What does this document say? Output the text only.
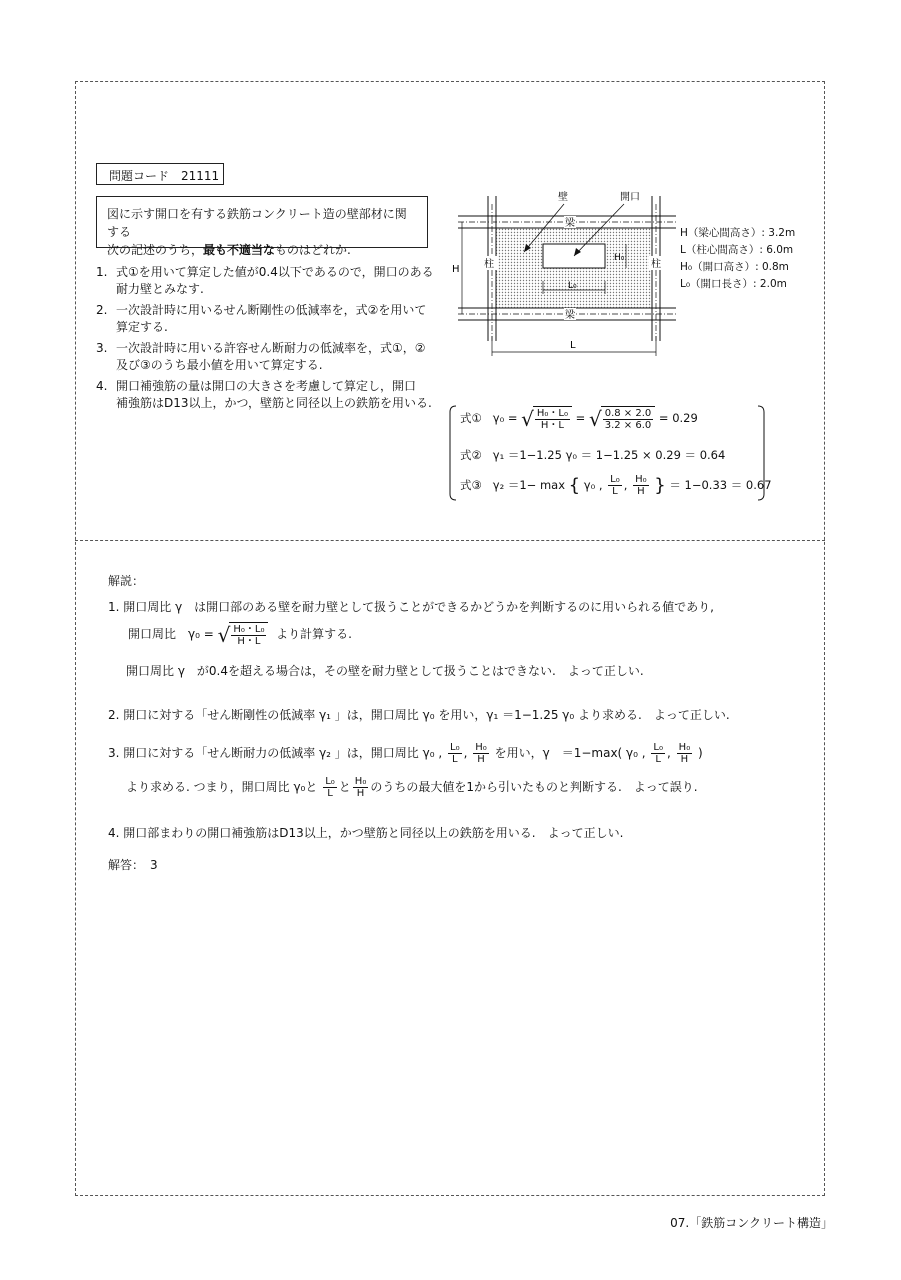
問題コード　21111
図に示す開口を有する鉄筋コンクリート造の壁部材に関する
次の記述のうち，最も不適当なものはどれか.
1. 式①を用いて算定した値が0.4以下であるので，開口のある
耐力壁とみなす.
2. 一次設計時に用いるせん断剛性の低減率を，式②を用いて
算定する.
3. 一次設計時に用いる許容せん断耐力の低減率を，式①，②
及び③のうち最小値を用いて算定する.
4. 開口補強筋の量は開口の大きさを考慮して算定し，開口
補強筋はD13以上，かつ，壁筋と同径以上の鉄筋を用いる.
H
L
H₀
L₀
壁	開口
梁
梁
柱	柱
H（梁心間高さ）: 3.2m
L（柱心間高さ）: 6.0m
H₀（開口高さ）: 0.8m
L₀（開口長さ）: 2.0m
式① γ₀ = √ $\frac{\text{H₀・L₀}}{H・L}$ = √ $\frac{0.8 \times 2.0}{3.2 \times 6.0} = 0.29$
式② γ₁ ＝1−1.25 γ₀ ＝ 1−1.25 × 0.29 ＝ 0.64
式③ γ₂ ＝1− max { γ₀ , $\frac{\text{L₀}}{L}$ , $\frac{\text{H₀}}{H}$ } ＝ 1−0.33 ＝ 0.67
解説：
1. 開口周比 γ　は開口部のある壁を耐力壁として扱うことができるかどうかを判断するのに用いられる値であり,
開口周比　γ₀ = √ $\frac{\text{H₀・L₀}}{H・L}$ より計算する.
開口周比 γ　が0.4を超える場合は，その壁を耐力壁として扱うことはできない.　よって正しい.
2. 開口に対する「せん断剛性の低減率 γ₁ 」は，開口周比 γ₀ を用い，γ₁ ＝1−1.25 γ₀ より求める.　よって正しい.
3. 開口に対する「せん断耐力の低減率 γ₂ 」は，開口周比 γ₀ , $\frac{\text{L₀}}{L}$ , $\frac{\text{H₀}}{H}$ を用い，γ　＝1−max( γ₀ , $\frac{\text{L₀}}{L}$ , $\frac{\text{H₀}}{H}$ )
より求める. つまり，開口周比 γ₀と $\frac{\text{L₀}}{L}$ と $\frac{\text{H₀}}{H}$ のうちの最大値を1から引いたものと判断する.　よって誤り.
4. 開口部まわりの開口補強筋はD13以上，かつ壁筋と同径以上の鉄筋を用いる.　よって正しい.
解答：　3
07.「鉄筋コンクリート構造」
